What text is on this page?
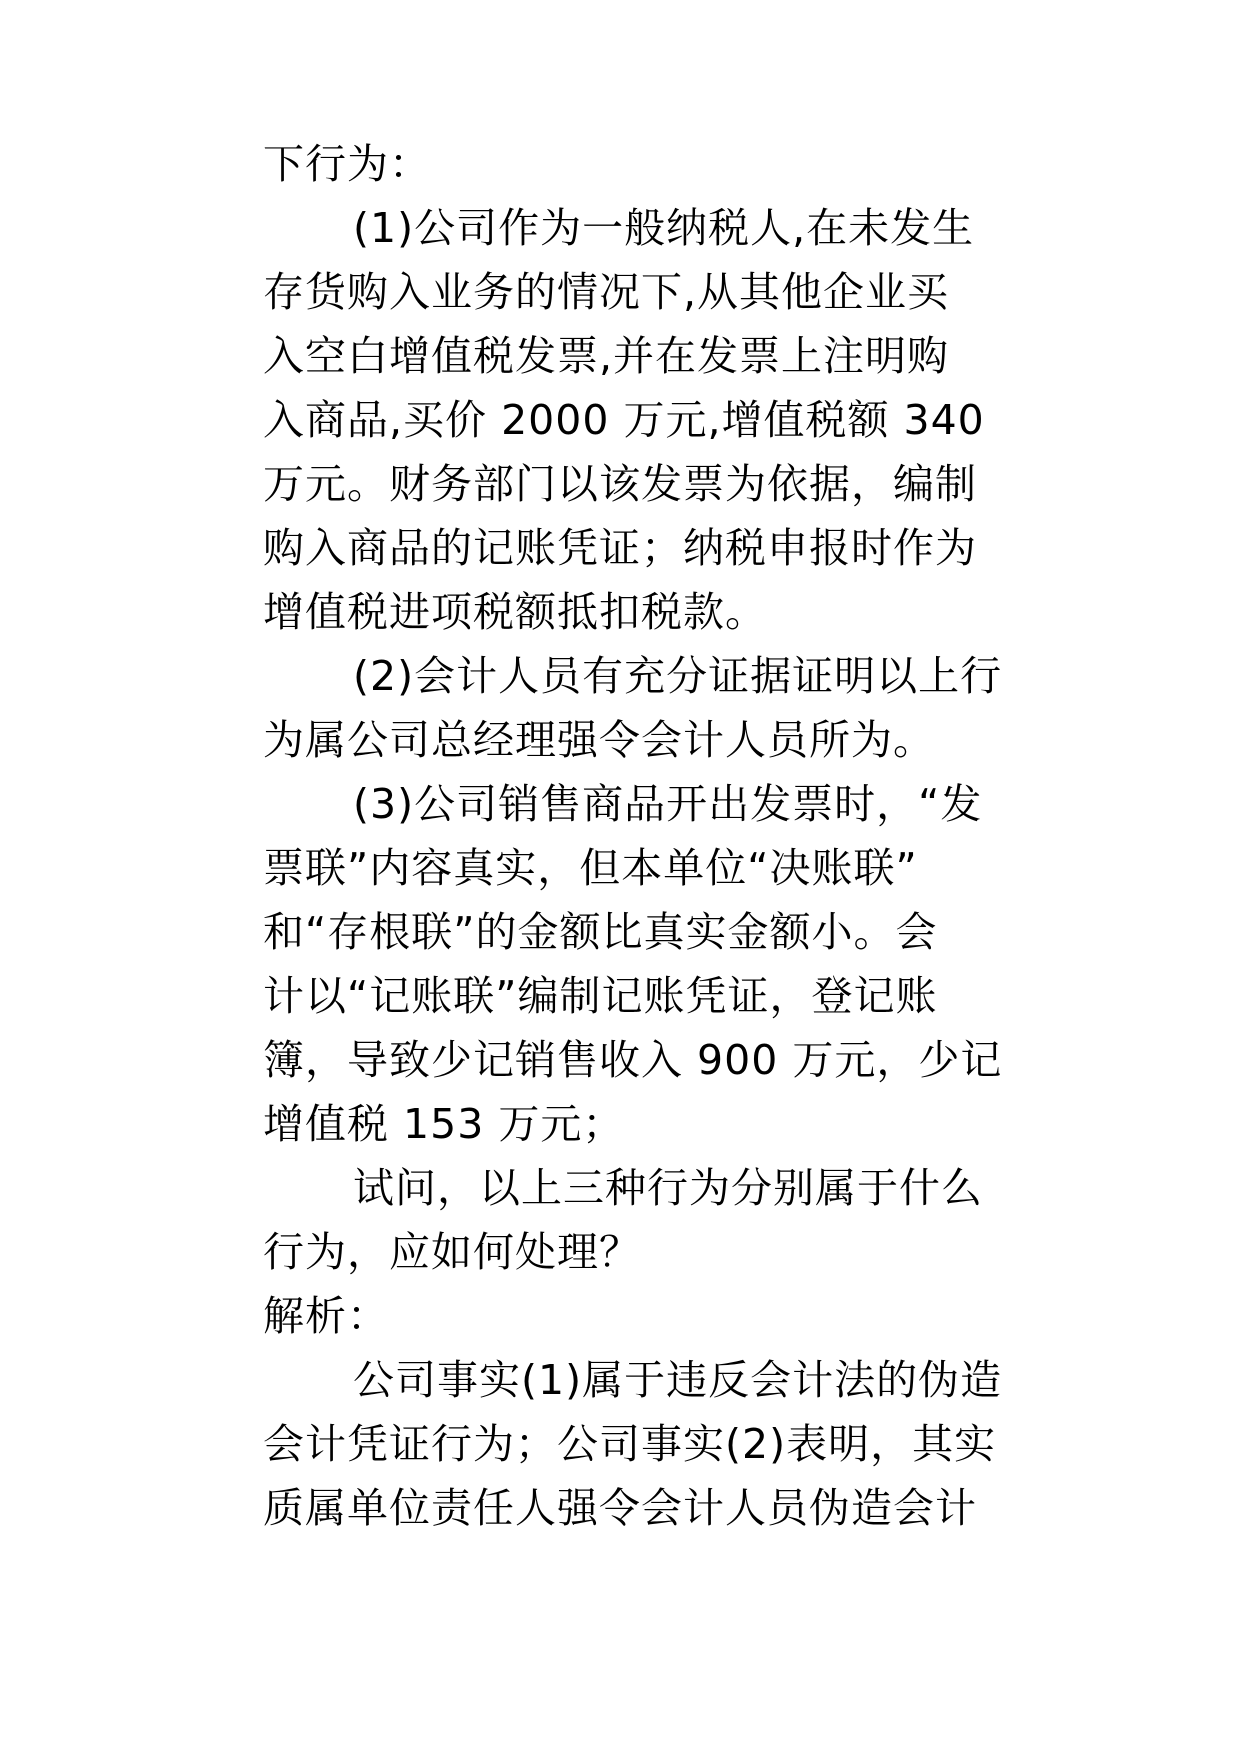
下行为：
(1)公司作为一般纳税人,在未发生
存货购入业务的情况下,从其他企业买
入空白增值税发票,并在发票上注明购
入商品,买价 2000 万元,增值税额 340
万元。财务部门以该发票为依据，编制
购入商品的记账凭证；纳税申报时作为
增值税进项税额抵扣税款。
(2)会计人员有充分证据证明以上行
为属公司总经理强令会计人员所为。
(3)公司销售商品开出发票时，“发
票联”内容真实，但本单位“决账联”
和“存根联”的金额比真实金额小。会
计以“记账联”编制记账凭证，登记账
簿，导致少记销售收入 900 万元，少记
增值税 153 万元；
试问，以上三种行为分别属于什么
行为，应如何处理？
解析：
公司事实(1)属于违反会计法的伪造
会计凭证行为；公司事实(2)表明，其实
质属单位责任人强令会计人员伪造会计
